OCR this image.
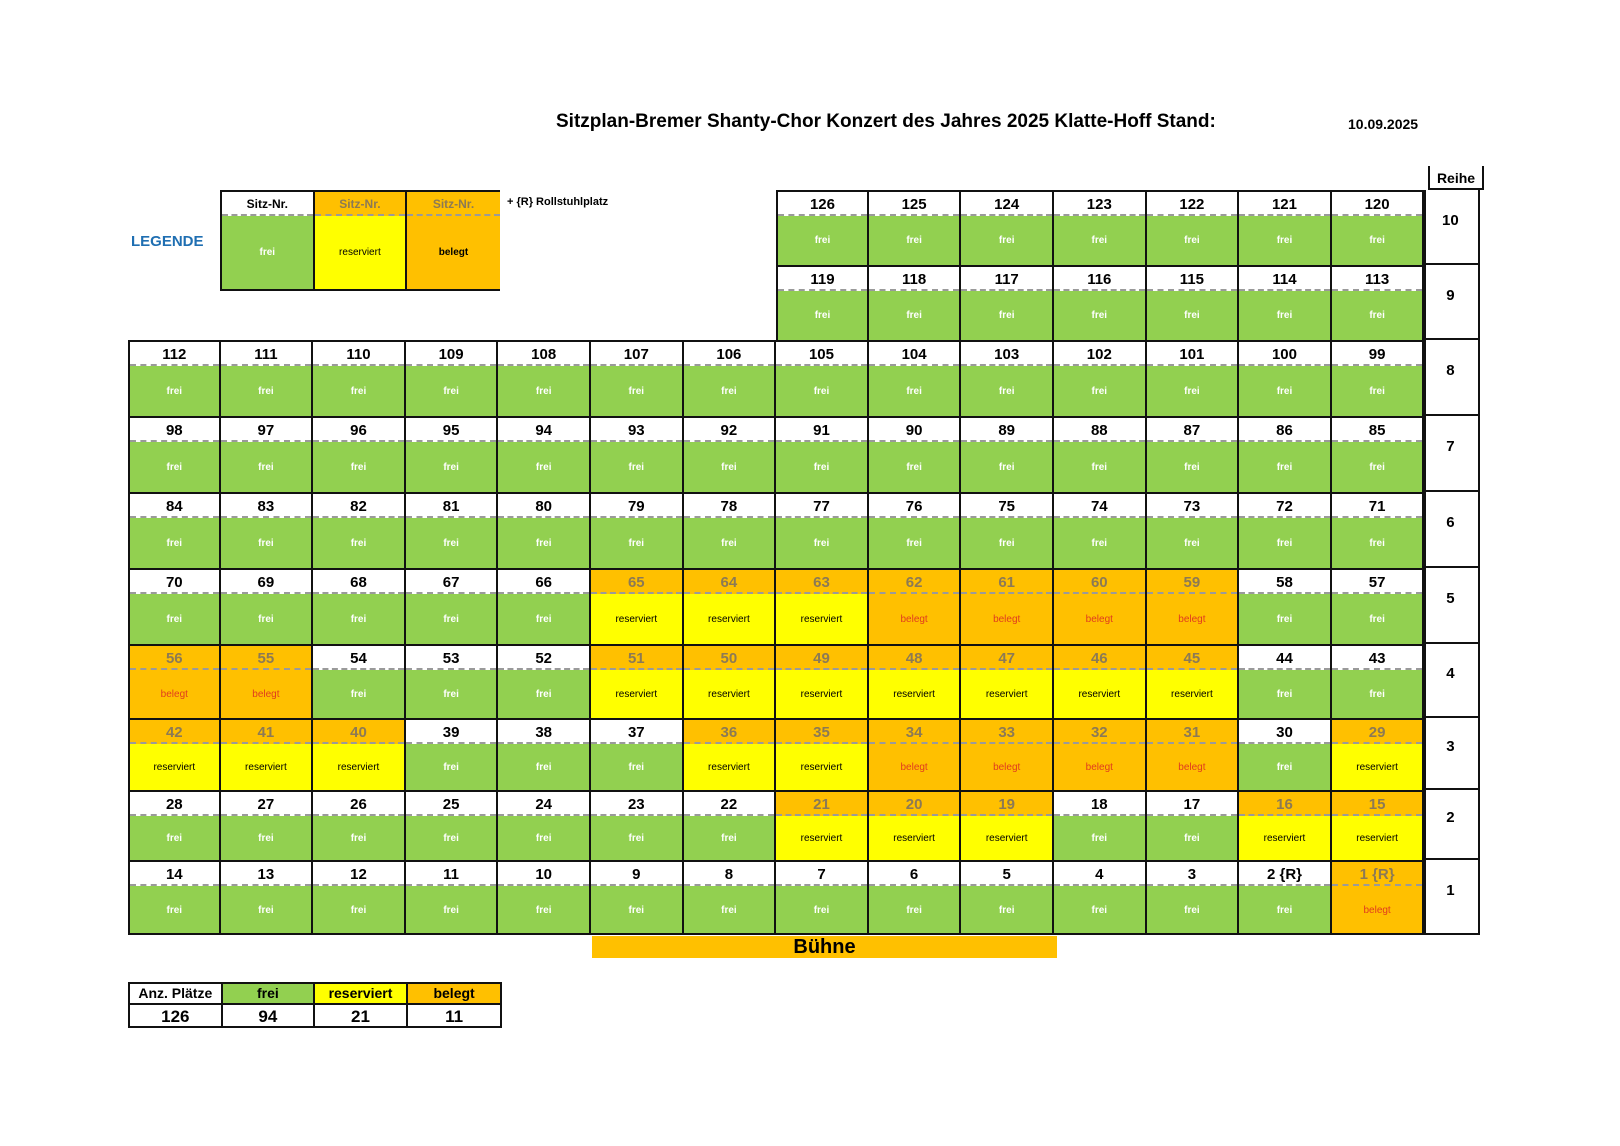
Sitzplan-Bremer Shanty-Chor Konzert des Jahres 2025 Klatte-Hoff Stand:	10.09.2025
LEGENDE
Sitz-Nr.
frei
Sitz-Nr.
reserviert
Sitz-Nr.
belegt
+ {R} Rollstuhlplatz
Reihe
126
frei
125
frei
124
frei
123
frei
122
frei
121
frei
120
frei
10
119
frei
118
frei
117
frei
116
frei
115
frei
114
frei
113
frei
9
112
frei
111
frei
110
frei
109
frei
108
frei
107
frei
106
frei
105
frei
104
frei
103
frei
102
frei
101
frei
100
frei
99
frei
8
98
frei
97
frei
96
frei
95
frei
94
frei
93
frei
92
frei
91
frei
90
frei
89
frei
88
frei
87
frei
86
frei
85
frei
7
84
frei
83
frei
82
frei
81
frei
80
frei
79
frei
78
frei
77
frei
76
frei
75
frei
74
frei
73
frei
72
frei
71
frei
6
70
frei
69
frei
68
frei
67
frei
66
frei
65
reserviert
64
reserviert
63
reserviert
62
belegt
61
belegt
60
belegt
59
belegt
58
frei
57
frei
5
56
belegt
55
belegt
54
frei
53
frei
52
frei
51
reserviert
50
reserviert
49
reserviert
48
reserviert
47
reserviert
46
reserviert
45
reserviert
44
frei
43
frei
4
42
reserviert
41
reserviert
40
reserviert
39
frei
38
frei
37
frei
36
reserviert
35
reserviert
34
belegt
33
belegt
32
belegt
31
belegt
30
frei
29
reserviert
3
28
frei
27
frei
26
frei
25
frei
24
frei
23
frei
22
frei
21
reserviert
20
reserviert
19
reserviert
18
frei
17
frei
16
reserviert
15
reserviert
2
14
frei
13
frei
12
frei
11
frei
10
frei
9
frei
8
frei
7
frei
6
frei
5
frei
4
frei
3
frei
2 {R}
frei
1 {R}
belegt
1
Bühne
Anz. Plätze
126
frei
94
reserviert
21
belegt
11
